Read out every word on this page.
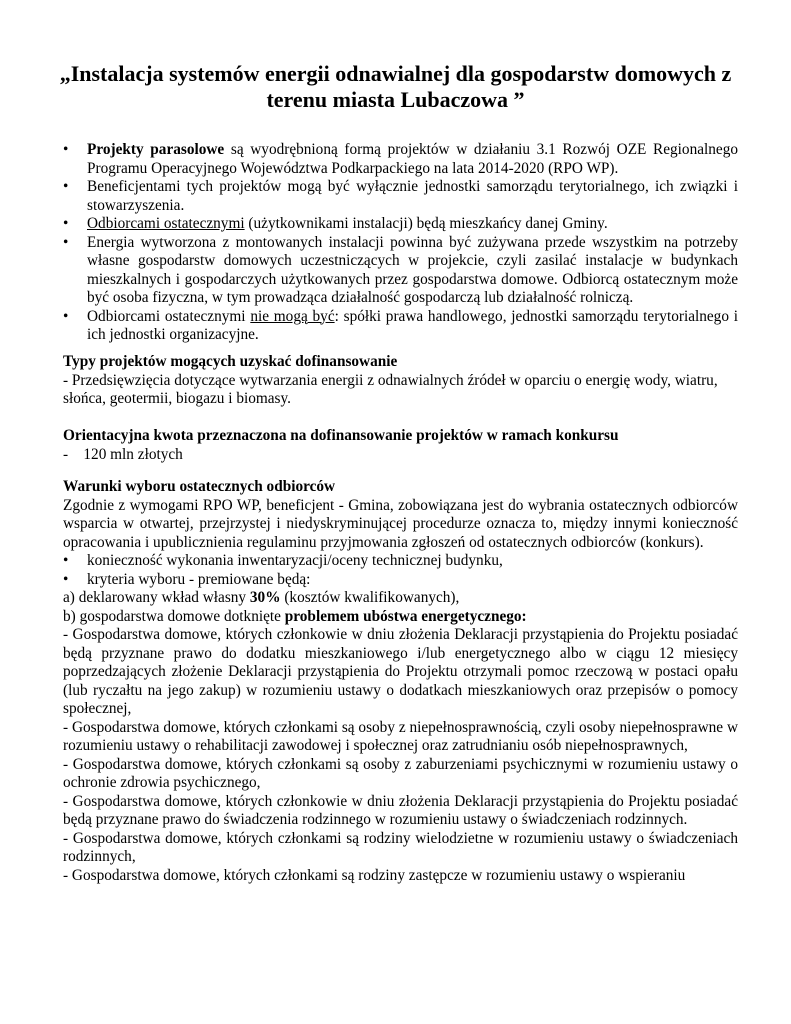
„Instalacja systemów energii odnawialnej dla gospodarstw domowych z
terenu miasta Lubaczowa ”
• Projekty parasolowe są wyodrębnioną formą projektów w działaniu 3.1 Rozwój OZE Regionalnego Programu Operacyjnego Województwa Podkarpackiego na lata 2014-2020 (RPO WP).
• Beneficjentami tych projektów mogą być wyłącznie jednostki samorządu terytorialnego, ich związki i stowarzyszenia.
• Odbiorcami ostatecznymi (użytkownikami instalacji) będą mieszkańcy danej Gminy.
• Energia wytworzona z montowanych instalacji powinna być zużywana przede wszystkim na potrzeby własne gospodarstw domowych uczestniczących w projekcie, czyli zasilać instalacje w budynkach mieszkalnych i gospodarczych użytkowanych przez gospodarstwa domowe. Odbiorcą ostatecznym może być osoba fizyczna, w tym prowadząca działalność gospodarczą lub działalność rolniczą.
• Odbiorcami ostatecznymi nie mogą być: spółki prawa handlowego, jednostki samorządu terytorialnego i ich jednostki organizacyjne.
Typy projektów mogących uzyskać dofinansowanie
- Przedsięwzięcia dotyczące wytwarzania energii z odnawialnych źródeł w oparciu o energię wody, wiatru, słońca, geotermii, biogazu i biomasy.
Orientacyjna kwota przeznaczona na dofinansowanie projektów w ramach konkursu
-    120 mln złotych
Warunki wyboru ostatecznych odbiorców
Zgodnie z wymogami RPO WP, beneficjent - Gmina, zobowiązana jest do wybrania ostatecznych odbiorców wsparcia w otwartej, przejrzystej i niedyskryminującej procedurze oznacza to, między innymi konieczność opracowania i upublicznienia regulaminu przyjmowania zgłoszeń od ostatecznych odbiorców (konkurs).
• konieczność wykonania inwentaryzacji/oceny technicznej budynku,
• kryteria wyboru - premiowane będą:
a) deklarowany wkład własny 30% (kosztów kwalifikowanych),
b) gospodarstwa domowe dotknięte problemem ubóstwa energetycznego:
- Gospodarstwa domowe, których członkowie w dniu złożenia Deklaracji przystąpienia do Projektu posiadać będą przyznane prawo do dodatku mieszkaniowego i/lub energetycznego albo w ciągu 12 miesięcy poprzedzających złożenie Deklaracji przystąpienia do Projektu otrzymali pomoc rzeczową w postaci opału (lub ryczałtu na jego zakup) w rozumieniu ustawy o dodatkach mieszkaniowych oraz przepisów o pomocy społecznej,
- Gospodarstwa domowe, których członkami są osoby z niepełnosprawnością, czyli osoby niepełnosprawne w rozumieniu ustawy o rehabilitacji zawodowej i społecznej oraz zatrudnianiu osób niepełnosprawnych,
- Gospodarstwa domowe, których członkami są osoby z zaburzeniami psychicznymi w rozumieniu ustawy o ochronie zdrowia psychicznego,
- Gospodarstwa domowe, których członkowie w dniu złożenia Deklaracji przystąpienia do Projektu posiadać będą przyznane prawo do świadczenia rodzinnego w rozumieniu ustawy o świadczeniach rodzinnych.
- Gospodarstwa domowe, których członkami są rodziny wielodzietne w rozumieniu ustawy o świadczeniach rodzinnych,
- Gospodarstwa domowe, których członkami są rodziny zastępcze w rozumieniu ustawy o wspieraniu
